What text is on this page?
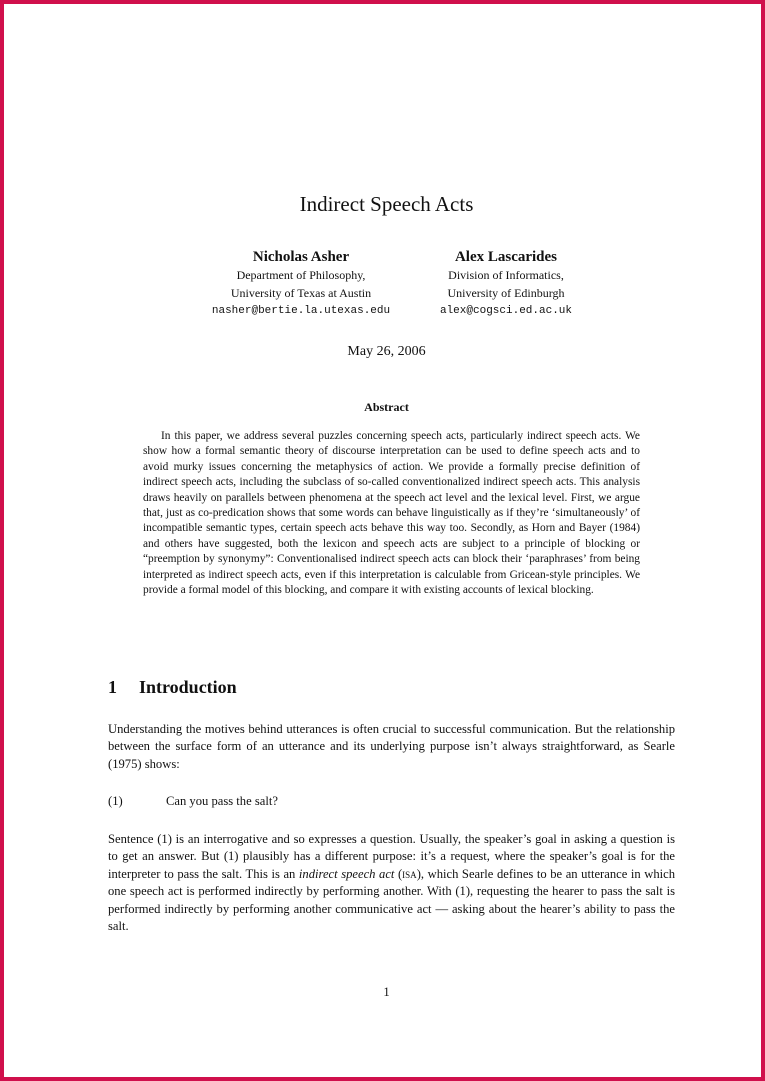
Indirect Speech Acts
Nicholas Asher
Department of Philosophy,
University of Texas at Austin
nasher@bertie.la.utexas.edu
Alex Lascarides
Division of Informatics,
University of Edinburgh
alex@cogsci.ed.ac.uk
May 26, 2006
Abstract
In this paper, we address several puzzles concerning speech acts, particularly indirect speech acts. We show how a formal semantic theory of discourse interpretation can be used to define speech acts and to avoid murky issues concerning the metaphysics of action. We provide a formally precise definition of indirect speech acts, including the subclass of so-called conventionalized indirect speech acts. This analysis draws heavily on parallels between phenomena at the speech act level and the lexical level. First, we argue that, just as co-predication shows that some words can behave linguistically as if they’re ‘simultaneously’ of incompatible semantic types, certain speech acts behave this way too. Secondly, as Horn and Bayer (1984) and others have suggested, both the lexicon and speech acts are subject to a principle of blocking or “preemption by synonymy”: Conventionalised indirect speech acts can block their ‘paraphrases’ from being interpreted as indirect speech acts, even if this interpretation is calculable from Gricean-style principles. We provide a formal model of this blocking, and compare it with existing accounts of lexical blocking.
1 Introduction
Understanding the motives behind utterances is often crucial to successful communication. But the relationship between the surface form of an utterance and its underlying purpose isn’t always straightforward, as Searle (1975) shows:
(1)	Can you pass the salt?
Sentence (1) is an interrogative and so expresses a question. Usually, the speaker’s goal in asking a question is to get an answer. But (1) plausibly has a different purpose: it’s a request, where the speaker’s goal is for the interpreter to pass the salt. This is an indirect speech act (isa), which Searle defines to be an utterance in which one speech act is performed indirectly by performing another. With (1), requesting the hearer to pass the salt is performed indirectly by performing another communicative act — asking about the hearer’s ability to pass the salt.
1
